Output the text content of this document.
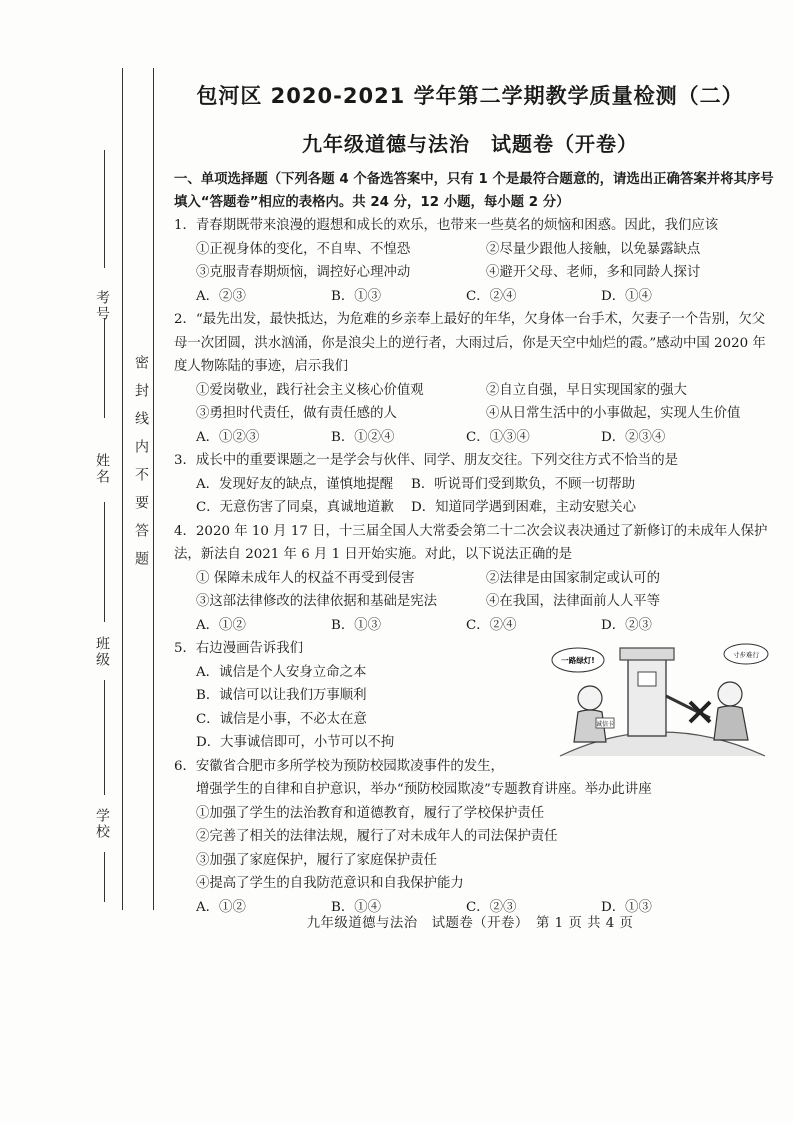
考号
姓名
班级
学校
密封线内不要答题
包河区 2020-2021 学年第二学期教学质量检测（二）
九年级道德与法治　试题卷（开卷）
一、单项选择题（下列各题 4 个备选答案中，只有 1 个是最符合题意的，请选出正确答案并将其序号填入“答题卷”相应的表格内。共 24 分，12 小题，每小题 2 分）
1．青春期既带来浪漫的遐想和成长的欢乐，也带来一些莫名的烦恼和困惑。因此，我们应该
①正视身体的变化，不自卑、不惶恐	②尽量少跟他人接触，以免暴露缺点
③克服青春期烦恼，调控好心理冲动	④避开父母、老师，多和同龄人探讨
A．②③	B．①③	C．②④	D．①④
2．“最先出发，最快抵达，为危难的乡亲奉上最好的年华，欠身体一台手术，欠妻子一个告别，欠父母一次团圆，洪水汹涌，你是浪尖上的逆行者，大雨过后，你是天空中灿烂的霞。”感动中国 2020 年度人物陈陆的事迹，启示我们
①爱岗敬业，践行社会主义核心价值观	②自立自强，早日实现国家的强大
③勇担时代责任，做有责任感的人	④从日常生活中的小事做起，实现人生价值
A．①②③	B．①②④	C．①③④	D．②③④
3．成长中的重要课题之一是学会与伙伴、同学、朋友交往。下列交往方式不恰当的是
A．发现好友的缺点，谨慎地提醒	B．听说哥们受到欺负，不顾一切帮助
C．无意伤害了同桌，真诚地道歉	D．知道同学遇到困难，主动安慰关心
4．2020 年 10 月 17 日，十三届全国人大常委会第二十二次会议表决通过了新修订的未成年人保护法，新法自 2021 年 6 月 1 日开始实施。对此，以下说法正确的是
① 保障未成年人的权益不再受到侵害	②法律是由国家制定或认可的
③这部法律修改的法律依据和基础是宪法	④在我国，法律面前人人平等
A．①②	B．①③	C．②④	D．②③
5．右边漫画告诉我们
A．诚信是个人安身立命之本
B．诚信可以让我们万事顺利
C．诚信是小事，不必太在意
D．大事诚信即可，小节可以不拘
6．安徽省合肥市多所学校为预防校园欺凌事件的发生，
增强学生的自律和自护意识，举办“预防校园欺凌”专题教育讲座。举办此讲座
①加强了学生的法治教育和道德教育，履行了学校保护责任
②完善了相关的法律法规，履行了对未成年人的司法保护责任
③加强了家庭保护，履行了家庭保护责任
④提高了学生的自我防范意识和自我保护能力
A．①②	B．①④	C．②③	D．①③
诚信卡
一路绿灯!
寸步难行
九年级道德与法治　试题卷（开卷）　第 1 页 共 4 页
